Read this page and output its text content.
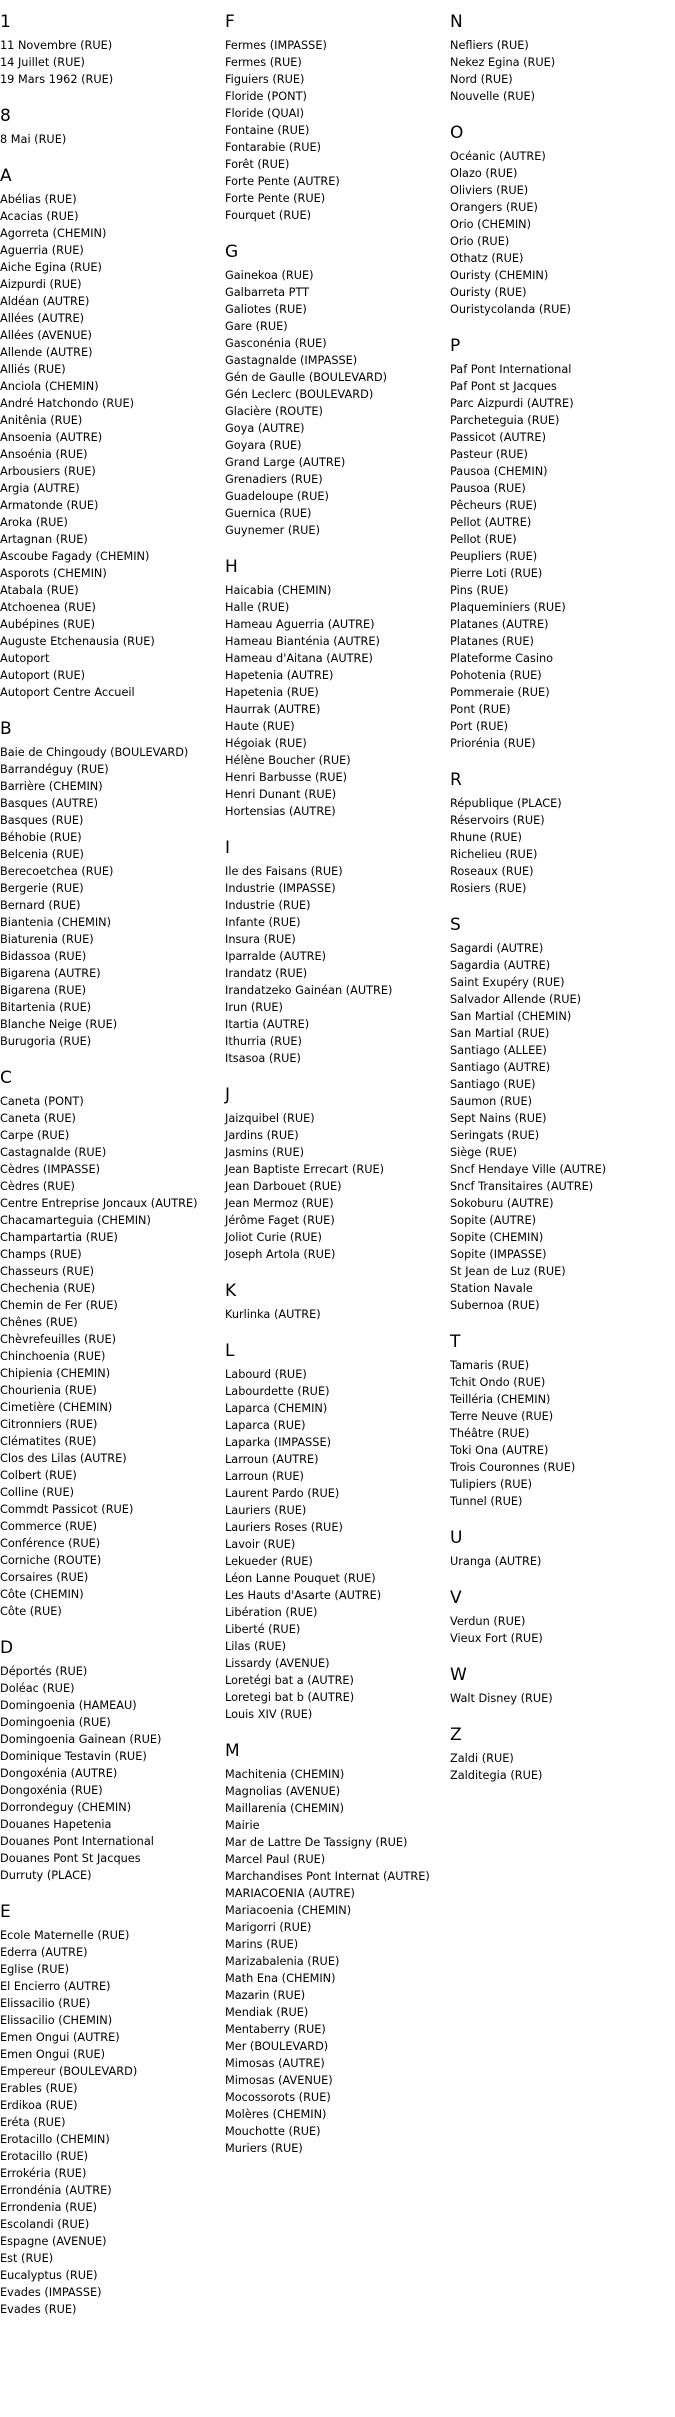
1
11 Novembre (RUE)
14 Juillet (RUE)
19 Mars 1962 (RUE)
8
8 Mai (RUE)
A
Abélias (RUE)
Acacias (RUE)
Agorreta (CHEMIN)
Aguerria (RUE)
Aiche Egina (RUE)
Aizpurdi (RUE)
Aldéan (AUTRE)
Allées (AUTRE)
Allées (AVENUE)
Allende (AUTRE)
Alliés (RUE)
Anciola (CHEMIN)
André Hatchondo (RUE)
Anitênia (RUE)
Ansoenia (AUTRE)
Ansoénia (RUE)
Arbousiers (RUE)
Argia (AUTRE)
Armatonde (RUE)
Aroka (RUE)
Artagnan (RUE)
Ascoube Fagady (CHEMIN)
Asporots (CHEMIN)
Atabala (RUE)
Atchoenea (RUE)
Aubépines (RUE)
Auguste Etchenausia (RUE)
Autoport
Autoport (RUE)
Autoport Centre Accueil
B
Baie de Chingoudy (BOULEVARD)
Barrandéguy (RUE)
Barrière (CHEMIN)
Basques (AUTRE)
Basques (RUE)
Béhobie (RUE)
Belcenia (RUE)
Berecoetchea (RUE)
Bergerie (RUE)
Bernard (RUE)
Biantenia (CHEMIN)
Biaturenia (RUE)
Bidassoa (RUE)
Bigarena (AUTRE)
Bigarena (RUE)
Bitartenia (RUE)
Blanche Neige (RUE)
Burugoria (RUE)
C
Caneta (PONT)
Caneta (RUE)
Carpe (RUE)
Castagnalde (RUE)
Cèdres (IMPASSE)
Cèdres (RUE)
Centre Entreprise Joncaux (AUTRE)
Chacamarteguia (CHEMIN)
Champartartia (RUE)
Champs (RUE)
Chasseurs (RUE)
Chechenia (RUE)
Chemin de Fer (RUE)
Chênes (RUE)
Chèvrefeuilles (RUE)
Chinchoenia (RUE)
Chipienia (CHEMIN)
Chourienia (RUE)
Cimetière (CHEMIN)
Citronniers (RUE)
Clématites (RUE)
Clos des Lilas (AUTRE)
Colbert (RUE)
Colline (RUE)
Commdt Passicot (RUE)
Commerce (RUE)
Conférence (RUE)
Corniche (ROUTE)
Corsaires (RUE)
Côte (CHEMIN)
Côte (RUE)
D
Déportés (RUE)
Doléac (RUE)
Domingoenia (HAMEAU)
Domingoenia (RUE)
Domingoenia Gainean (RUE)
Dominique Testavin (RUE)
Dongoxénia (AUTRE)
Dongoxénia (RUE)
Dorrondeguy (CHEMIN)
Douanes Hapetenia
Douanes Pont International
Douanes Pont St Jacques
Durruty (PLACE)
E
Ecole Maternelle (RUE)
Ederra (AUTRE)
Eglise (RUE)
El Encierro (AUTRE)
Elissacilio (RUE)
Elissacilio (CHEMIN)
Emen Ongui (AUTRE)
Emen Ongui (RUE)
Empereur (BOULEVARD)
Erables (RUE)
Erdikoa (RUE)
Eréta (RUE)
Erotacillo (CHEMIN)
Erotacillo (RUE)
Errokéria (RUE)
Errondénia (AUTRE)
Errondenia (RUE)
Escolandi (RUE)
Espagne (AVENUE)
Est (RUE)
Eucalyptus (RUE)
Evades (IMPASSE)
Evades (RUE)
F
Fermes (IMPASSE)
Fermes (RUE)
Figuiers (RUE)
Floride (PONT)
Floride (QUAI)
Fontaine (RUE)
Fontarabie (RUE)
Forêt (RUE)
Forte Pente (AUTRE)
Forte Pente (RUE)
Fourquet (RUE)
G
Gainekoa (RUE)
Galbarreta PTT
Galiotes (RUE)
Gare (RUE)
Gasconénia (RUE)
Gastagnalde (IMPASSE)
Gén de Gaulle (BOULEVARD)
Gén Leclerc (BOULEVARD)
Glacière (ROUTE)
Goya (AUTRE)
Goyara (RUE)
Grand Large (AUTRE)
Grenadiers (RUE)
Guadeloupe (RUE)
Guernica (RUE)
Guynemer (RUE)
H
Haicabia (CHEMIN)
Halle (RUE)
Hameau Aguerria (AUTRE)
Hameau Bianténia (AUTRE)
Hameau d'Aitana (AUTRE)
Hapetenia (AUTRE)
Hapetenia (RUE)
Haurrak (AUTRE)
Haute (RUE)
Hégoiak (RUE)
Hélène Boucher (RUE)
Henri Barbusse (RUE)
Henri Dunant (RUE)
Hortensias (AUTRE)
I
Ile des Faisans (RUE)
Industrie (IMPASSE)
Industrie (RUE)
Infante (RUE)
Insura (RUE)
Iparralde (AUTRE)
Irandatz (RUE)
Irandatzeko Gainéan (AUTRE)
Irun (RUE)
Itartia (AUTRE)
Ithurria (RUE)
Itsasoa (RUE)
J
Jaizquibel (RUE)
Jardins (RUE)
Jasmins (RUE)
Jean Baptiste Errecart (RUE)
Jean Darbouet (RUE)
Jean Mermoz (RUE)
Jérôme Faget (RUE)
Joliot Curie (RUE)
Joseph Artola (RUE)
K
Kurlinka (AUTRE)
L
Labourd (RUE)
Labourdette (RUE)
Laparca (CHEMIN)
Laparca (RUE)
Laparka (IMPASSE)
Larroun (AUTRE)
Larroun (RUE)
Laurent Pardo (RUE)
Lauriers (RUE)
Lauriers Roses (RUE)
Lavoir (RUE)
Lekueder (RUE)
Léon Lanne Pouquet (RUE)
Les Hauts d'Asarte (AUTRE)
Libération (RUE)
Liberté (RUE)
Lilas (RUE)
Lissardy (AVENUE)
Loretégi bat a (AUTRE)
Loretegi bat b (AUTRE)
Louis XIV (RUE)
M
Machitenia (CHEMIN)
Magnolias (AVENUE)
Maillarenia (CHEMIN)
Mairie
Mar de Lattre De Tassigny (RUE)
Marcel Paul (RUE)
Marchandises Pont Internat (AUTRE)
MARIACOENIA (AUTRE)
Mariacoenia (CHEMIN)
Marigorri (RUE)
Marins (RUE)
Marizabalenia (RUE)
Math Ena (CHEMIN)
Mazarin (RUE)
Mendiak (RUE)
Mentaberry (RUE)
Mer (BOULEVARD)
Mimosas (AUTRE)
Mimosas (AVENUE)
Mocossorots (RUE)
Molères (CHEMIN)
Mouchotte (RUE)
Muriers (RUE)
N
Nefliers (RUE)
Nekez Egina (RUE)
Nord (RUE)
Nouvelle (RUE)
O
Océanic (AUTRE)
Olazo (RUE)
Oliviers (RUE)
Orangers (RUE)
Orio (CHEMIN)
Orio (RUE)
Othatz (RUE)
Ouristy (CHEMIN)
Ouristy (RUE)
Ouristycolanda (RUE)
P
Paf Pont International
Paf Pont st Jacques
Parc Aizpurdi (AUTRE)
Parcheteguia (RUE)
Passicot (AUTRE)
Pasteur (RUE)
Pausoa (CHEMIN)
Pausoa (RUE)
Pêcheurs (RUE)
Pellot (AUTRE)
Pellot (RUE)
Peupliers (RUE)
Pierre Loti (RUE)
Pins (RUE)
Plaqueminiers (RUE)
Platanes (AUTRE)
Platanes (RUE)
Plateforme Casino
Pohotenia (RUE)
Pommeraie (RUE)
Pont (RUE)
Port (RUE)
Priorénia (RUE)
R
République (PLACE)
Réservoirs (RUE)
Rhune (RUE)
Richelieu (RUE)
Roseaux (RUE)
Rosiers (RUE)
S
Sagardi (AUTRE)
Sagardia (AUTRE)
Saint Exupéry (RUE)
Salvador Allende (RUE)
San Martial (CHEMIN)
San Martial (RUE)
Santiago (ALLEE)
Santiago (AUTRE)
Santiago (RUE)
Saumon (RUE)
Sept Nains (RUE)
Seringats (RUE)
Siège (RUE)
Sncf Hendaye Ville (AUTRE)
Sncf Transitaires (AUTRE)
Sokoburu (AUTRE)
Sopite (AUTRE)
Sopite (CHEMIN)
Sopite (IMPASSE)
St Jean de Luz (RUE)
Station Navale
Subernoa (RUE)
T
Tamaris (RUE)
Tchit Ondo (RUE)
Teilléria (CHEMIN)
Terre Neuve (RUE)
Théâtre (RUE)
Toki Ona (AUTRE)
Trois Couronnes (RUE)
Tulipiers (RUE)
Tunnel (RUE)
U
Uranga (AUTRE)
V
Verdun (RUE)
Vieux Fort (RUE)
W
Walt Disney (RUE)
Z
Zaldi (RUE)
Zalditegia (RUE)
